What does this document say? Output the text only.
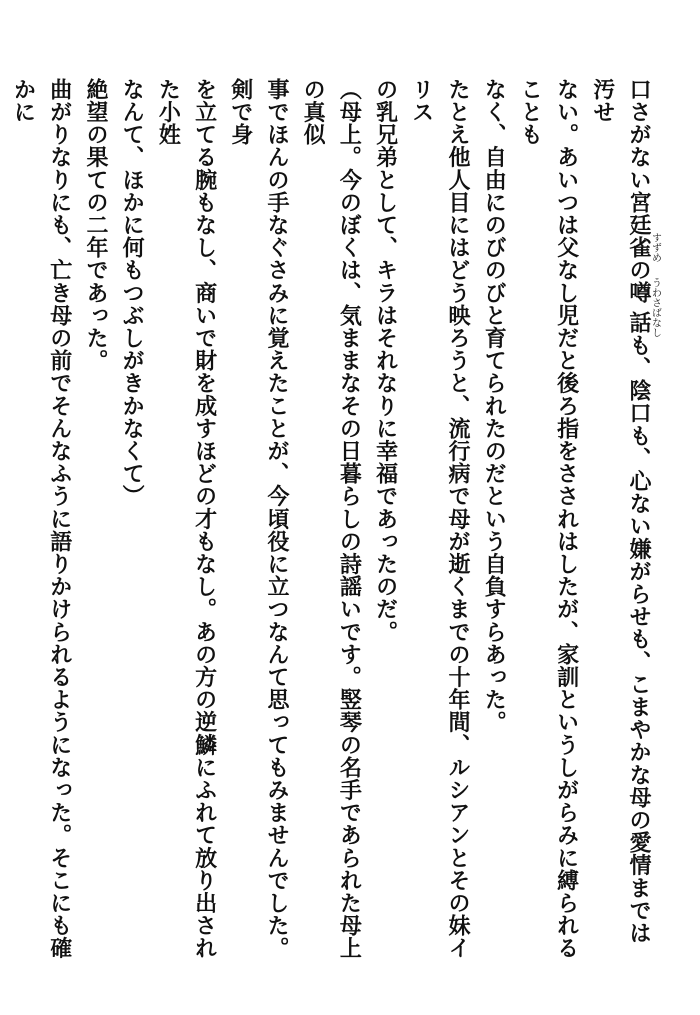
口さがない宮廷雀すずめの噂話うわさばなしも、陰口も、心ない嫌がらせも、こまやかな母の愛情までは汚せ
ない。あいつは父なし児だと後ろ指をさされはしたが、家訓というしがらみに縛られることも
なく、自由にのびのびと育てられたのだという自負すらあった。
たとえ他人目にはどう映ろうと、流行病で母が逝くまでの十年間、ルシアンとその妹イリス
の乳兄弟として、キラはそれなりに幸福であったのだ。
（母上。今のぼくは、気ままなその日暮らしの詩謡いです。竪琴の名手であられた母上の真似
事でほんの手なぐさみに覚えたことが、今頃役に立つなんて思ってもみませんでした。剣で身
を立てる腕もなし、商いで財を成すほどの才もなし。あの方の逆鱗にふれて放り出された小姓
なんて、ほかに何もつぶしがきかなくて）
絶望の果ての二年であった。
曲がりなりにも、亡き母の前でそんなふうに語りかけられるようになった。そこにも確かに
